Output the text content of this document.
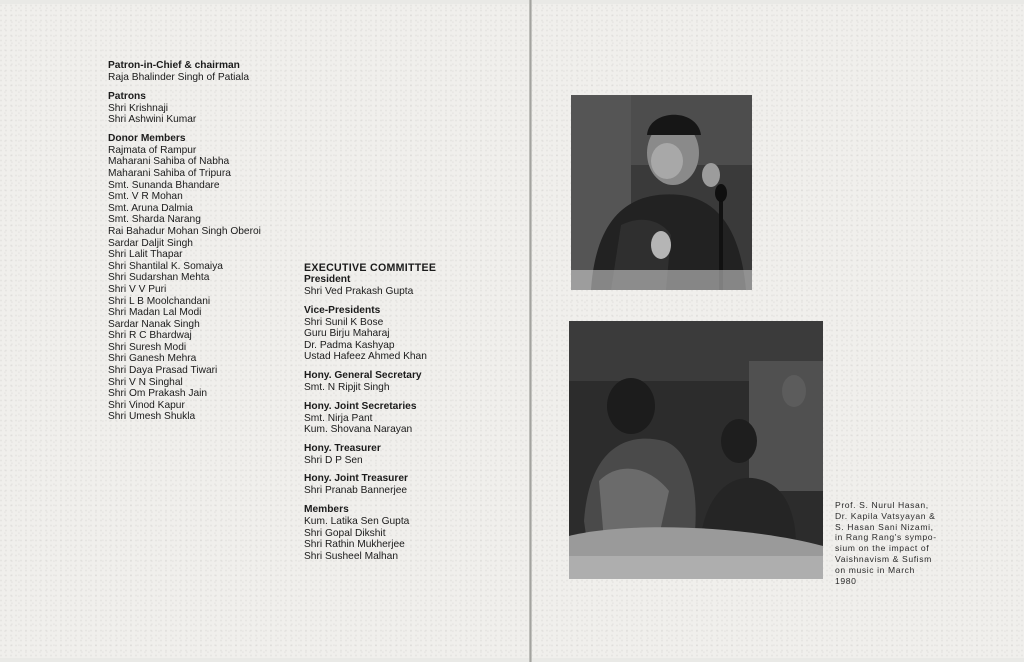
Patron-in-Chief & chairman
Raja Bhalinder Singh of Patiala
Patrons
Shri Krishnaji
Shri Ashwini Kumar
Donor Members
Rajmata of Rampur
Maharani Sahiba of Nabha
Maharani Sahiba of Tripura
Smt. Sunanda Bhandare
Smt. V R Mohan
Smt. Aruna Dalmia
Smt. Sharda Narang
Rai Bahadur Mohan Singh Oberoi
Sardar Daljit Singh
Shri Lalit Thapar
Shri Shantilal K. Somaiya
Shri Sudarshan Mehta
Shri V V Puri
Shri L B Moolchandani
Shri Madan Lal Modi
Sardar Nanak Singh
Shri R C Bhardwaj
Shri Suresh Modi
Shri Ganesh Mehra
Shri Daya Prasad Tiwari
Shri V N Singhal
Shri Om Prakash Jain
Shri Vinod Kapur
Shri Umesh Shukla
EXECUTIVE COMMITTEE
President
Shri Ved Prakash Gupta
Vice-Presidents
Shri Sunil K Bose
Guru Birju Maharaj
Dr. Padma Kashyap
Ustad Hafeez Ahmed Khan
Hony. General Secretary
Smt. N Ripjit Singh
Hony. Joint Secretaries
Smt. Nirja Pant
Kum. Shovana Narayan
Hony. Treasurer
Shri D P Sen
Hony. Joint Treasurer
Shri Pranab Bannerjee
Members
Kum. Latika Sen Gupta
Shri Gopal Dikshit
Shri Rathin Mukherjee
Shri Susheel Malhan
Prof. S. Nurul Hasan,
Dr. Kapila Vatsyayan &
S. Hasan Sani Nizami,
in Rang Rang's sympo-
sium on the impact of
Vaishnavism & Sufism
on music in March
1980
